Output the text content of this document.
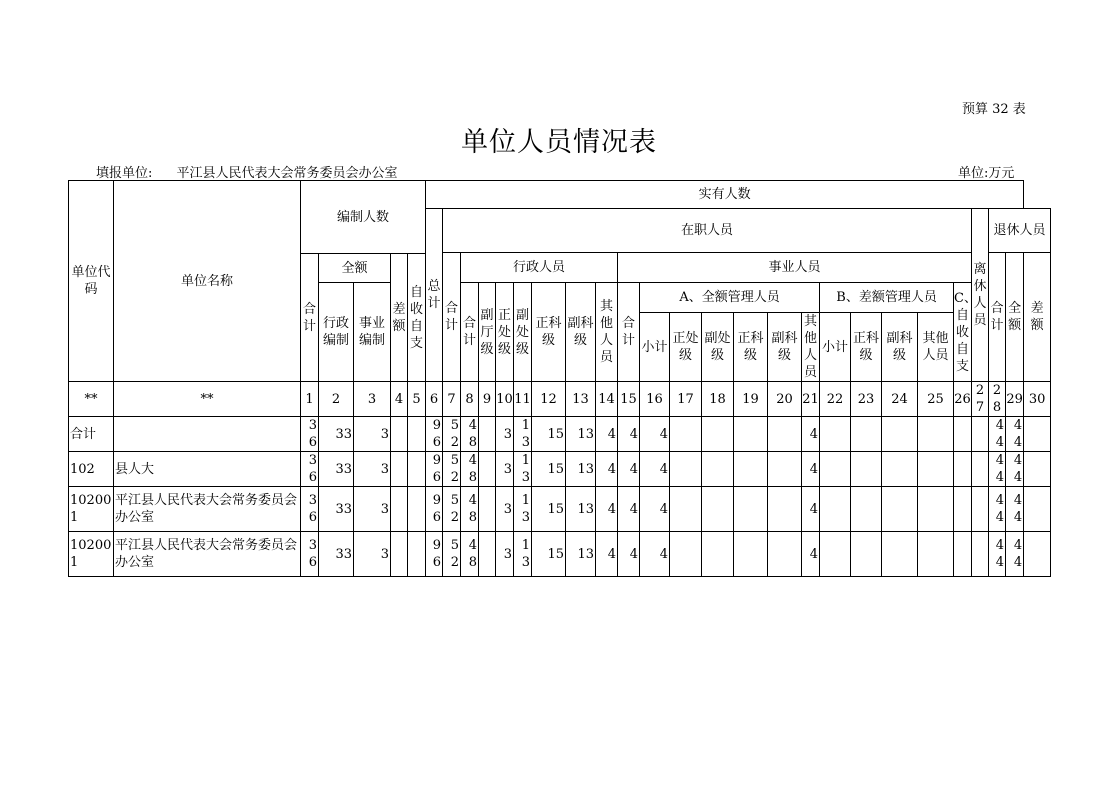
预算 32 表
单位人员情况表
填报单位: 平江县人民代表大会常务委员会办公室	单位:万元
单位代码	单位名称	编制人数					实有人数																								
							总计	在职人员																				离休人员	退休人员		
								合计	行政人员							事业人员													合计	全额	差额
		合计	全额		差额	自收自支																									
			行政编制	事业编制					合计	副厅级	正处级	副处级	正科级	副科级	其他人员	合计	A、全额管理人员						B、差额管理人员				C、自收自支				
																	小计	正处级	副处级	正科级	副科级	其他人员	小计	正科级	副科级	其他人员					
**	**	1	2	3	4	5	6	7	8	9	10	11	12	13	14	15	16	17	18	19	20	21	22	23	24	25	26	27	28	29	30
合计		36	33	3			96	52	48		3	13	15	13	4	4	4					4							44	44	
102	县人大	36	33	3			96	52	48		3	13	15	13	4	4	4					4							44	44	
102001	平江县人民代表大会常务委员会办公室	36	33	3			96	52	48		3	13	15	13	4	4	4					4							44	44	
102001	平江县人民代表大会常务委员会办公室	36	33	3			96	52	48		3	13	15	13	4	4	4					4							44	44	
